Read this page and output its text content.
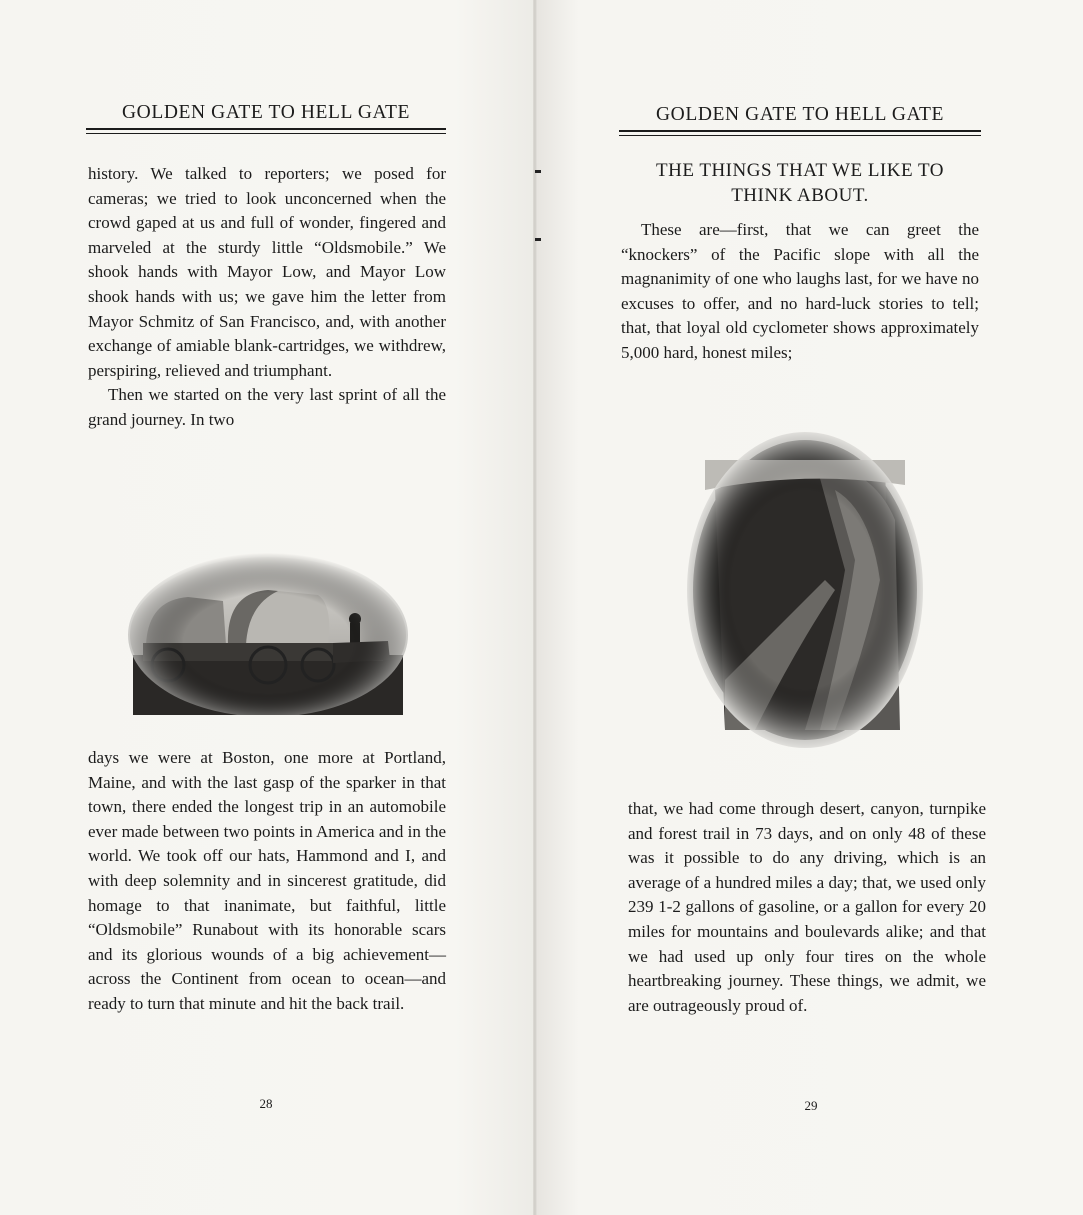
GOLDEN GATE TO HELL GATE

history. We talked to reporters; we posed for cameras; we tried to look unconcerned when the crowd gaped at us and full of wonder, fingered and marveled at the sturdy little “Oldsmobile.” We shook hands with Mayor Low, and Mayor Low shook hands with us; we gave him the letter from Mayor Schmitz of San Francisco, and, with another exchange of amiable blank-cartridges, we withdrew, perspiring, relieved and triumphant.

Then we started on the very last sprint of all the grand journey. In two

days we were at Boston, one more at Portland, Maine, and with the last gasp of the sparker in that town, there ended the longest trip in an automobile ever made between two points in America and in the world. We took off our hats, Hammond and I, and with deep solemnity and in sincerest gratitude, did homage to that inanimate, but faithful, little “Oldsmobile” Runabout with its honorable scars and its glorious wounds of a big achievement—across the Continent from ocean to ocean—and ready to turn that minute and hit the back trail.

28
GOLDEN GATE TO HELL GATE
THE THINGS THAT WE LIKE TO
THINK ABOUT.

These are—first, that we can greet the “knockers” of the Pacific slope with all the magnanimity of one who laughs last, for we have no excuses to offer, and no hard-luck stories to tell; that, that loyal old cyclometer shows approximately 5,000 hard, honest miles;

that, we had come through desert, canyon, turnpike and forest trail in 73 days, and on only 48 of these was it possible to do any driving, which is an average of a hundred miles a day; that, we used only 239 1-2 gallons of gasoline, or a gallon for every 20 miles for mountains and boulevards alike; and that we had used up only four tires on the whole heartbreaking journey. These things, we admit, we are outrageously proud of.

29
